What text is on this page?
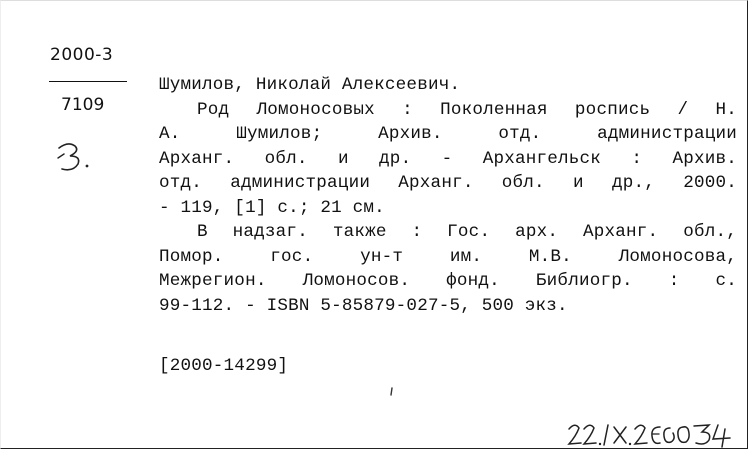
2000-3
7109
Шумилов, Николай Алексеевич.
Род Ломоносовых : Поколенная роспись / Н.
А. Шумилов; Архив. отд. администрации
Арханг. обл. и др. - Архангельск : Архив.
отд. администрации Арханг. обл. и др., 2000.
- 119, [1] с.; 21 см.
В надзаг. также : Гос. арх. Арханг. обл.,
Помор. гос. ун-т им. М.В. Ломоносова,
Межрегион. Ломоносов. фонд. Библиогр. : с.
99-112. - ISBN 5-85879-027-5, 500 экз.
[2000-14299]
